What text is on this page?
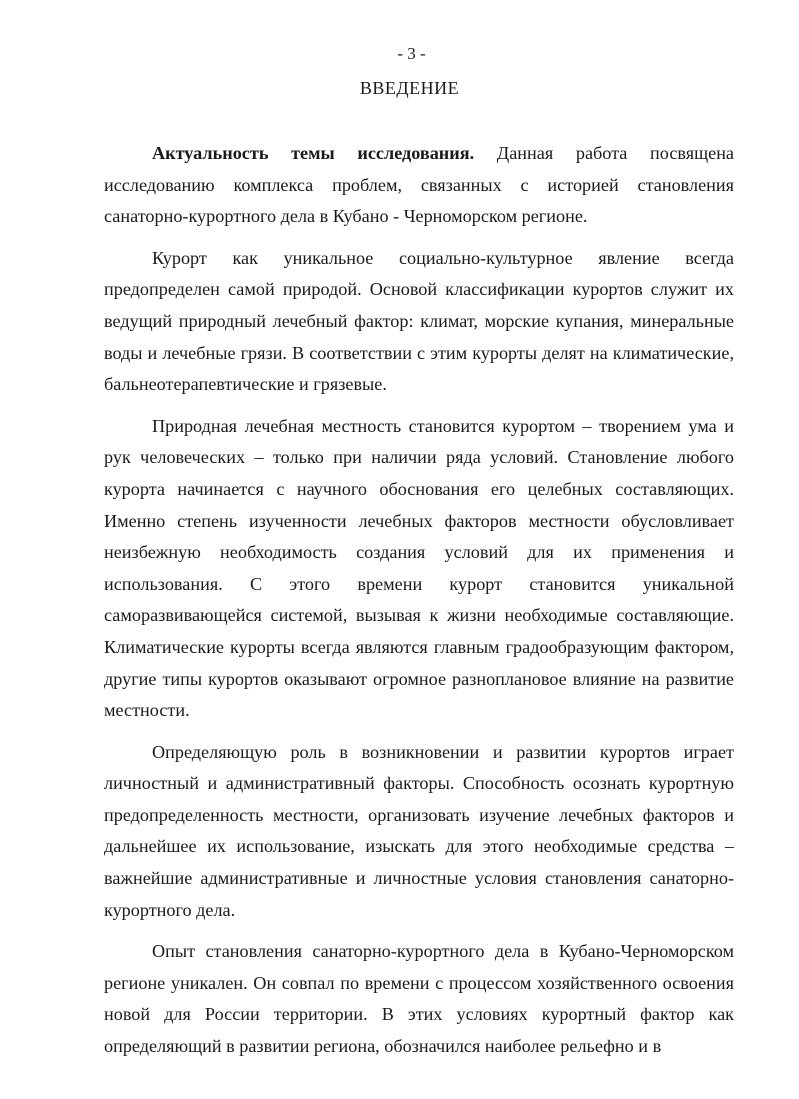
- 3 -
ВВЕДЕНИЕ

Актуальность темы исследования. Данная работа посвящена исследованию комплекса проблем, связанных с историей становления санаторно-курортного дела в Кубано - Черноморском регионе.

Курорт как уникальное социально-культурное явление всегда предопределен самой природой. Основой классификации курортов служит их ведущий природный лечебный фактор: климат, морские купания, минеральные воды и лечебные грязи. В соответствии с этим курорты делят на климатические, бальнеотерапевтические и грязевые.

Природная лечебная местность становится курортом – творением ума и рук человеческих – только при наличии ряда условий. Становление любого курорта начинается с научного обоснования его целебных составляющих. Именно степень изученности лечебных факторов местности обусловливает неизбежную необходимость создания условий для их применения и использования. С этого времени курорт становится уникальной саморазвивающейся системой, вызывая к жизни необходимые составляющие. Климатические курорты всегда являются главным градообразующим фактором, другие типы курортов оказывают огромное разноплановое влияние на развитие местности.

Определяющую роль в возникновении и развитии курортов играет личностный и административный факторы. Способность осознать курортную предопределенность местности, организовать изучение лечебных факторов и дальнейшее их использование, изыскать для этого необходимые средства – важнейшие административные и личностные условия становления санаторно-курортного дела.

Опыт становления санаторно-курортного дела в Кубано-Черноморском регионе уникален. Он совпал по времени с процессом хозяйственного освоения новой для России территории. В этих условиях курортный фактор как определяющий в развитии региона, обозначился наиболее рельефно и в
